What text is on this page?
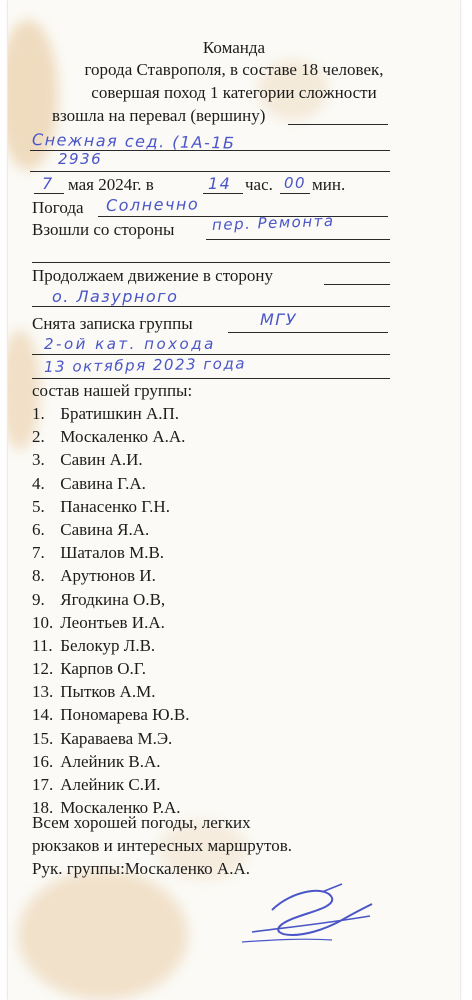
Команда
города Ставрополя, в составе 18 человек,
совершая поход 1 категории сложности
взошла на перевал (вершину)
Снежная сед. (1А-1Б
2936
7 мая 2024г. в	14 час. 00 мин.
Погода Солнечно
Взошли со стороны пер. Ремонта
Продолжаем движение в сторону
о. Лазурного
Снята записка группы	МГУ
2-ой кат. похода
13 октября 2023 года
состав нашей группы:
1. Братишкин А.П.
2. Москаленко А.А.
3. Савин А.И.
4. Савина Г.А.
5. Панасенко Г.Н.
6. Савина Я.А.
7. Шаталов М.В.
8. Арутюнов И.
9. Ягодкина О.В,
10. Леонтьев И.А.
11. Белокур Л.В.
12. Карпов О.Г.
13. Пытков А.М.
14. Пономарева Ю.В.
15. Караваева М.Э.
16. Алейник В.А.
17. Алейник С.И.
18. Москаленко Р.А.
Всем хорошей погоды, легких
рюкзаков и интересных маршрутов.
Рук. группы:Москаленко А.А.
